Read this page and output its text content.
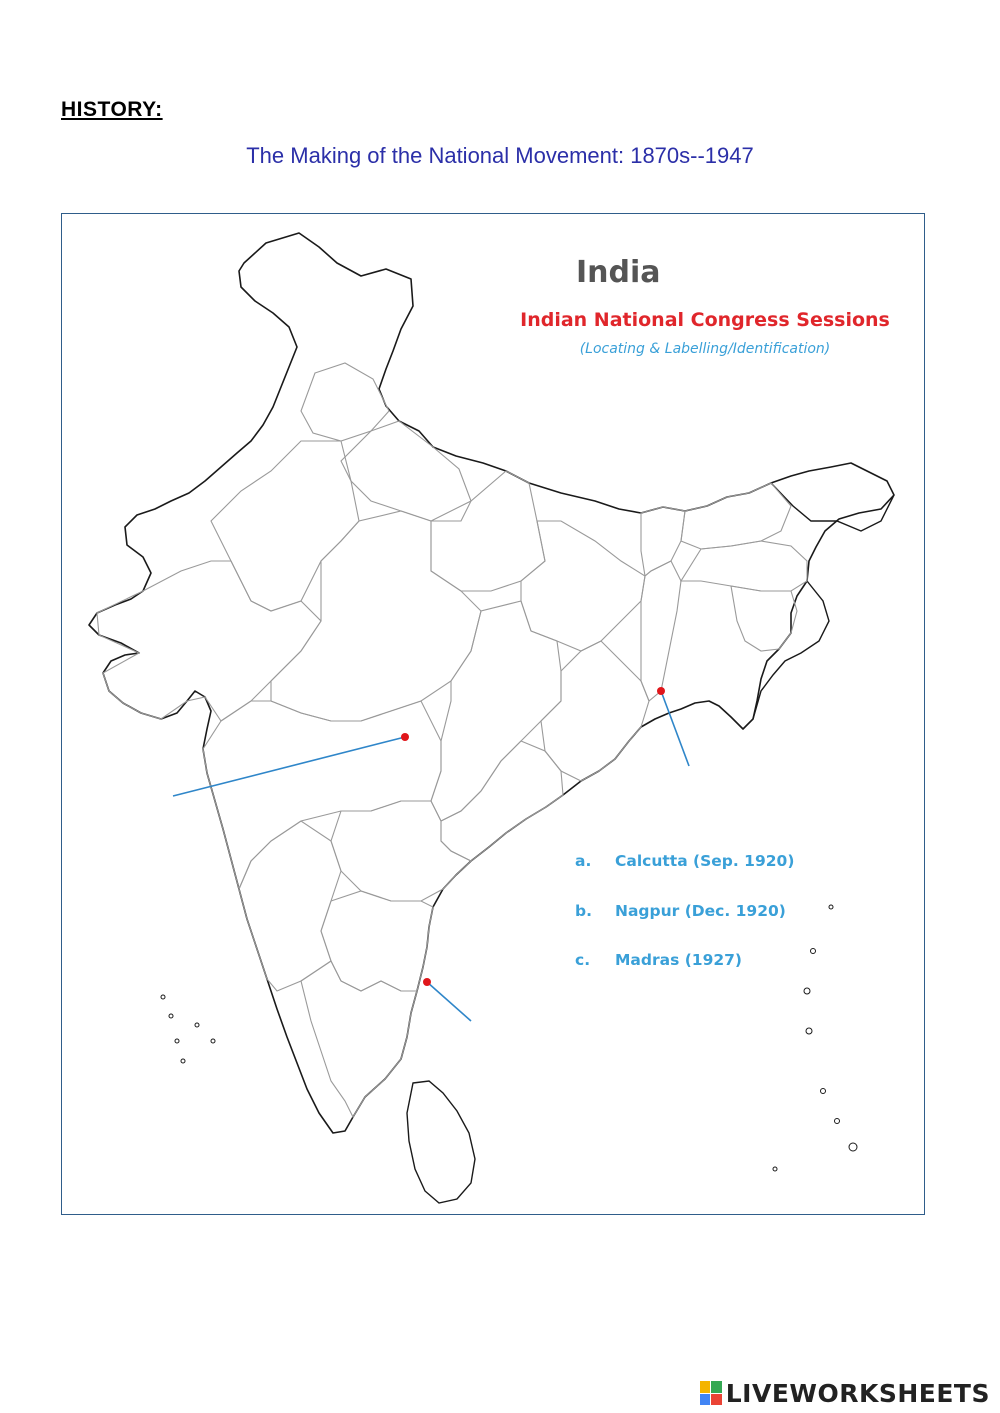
HISTORY:
The Making of the National Movement: 1870s--1947
India
Indian National Congress Sessions
(Locating & Labelling/Identification)
a. Calcutta (Sep. 1920)
b. Nagpur (Dec. 1920)
c. Madras (1927)
LIVEWORKSHEETS
